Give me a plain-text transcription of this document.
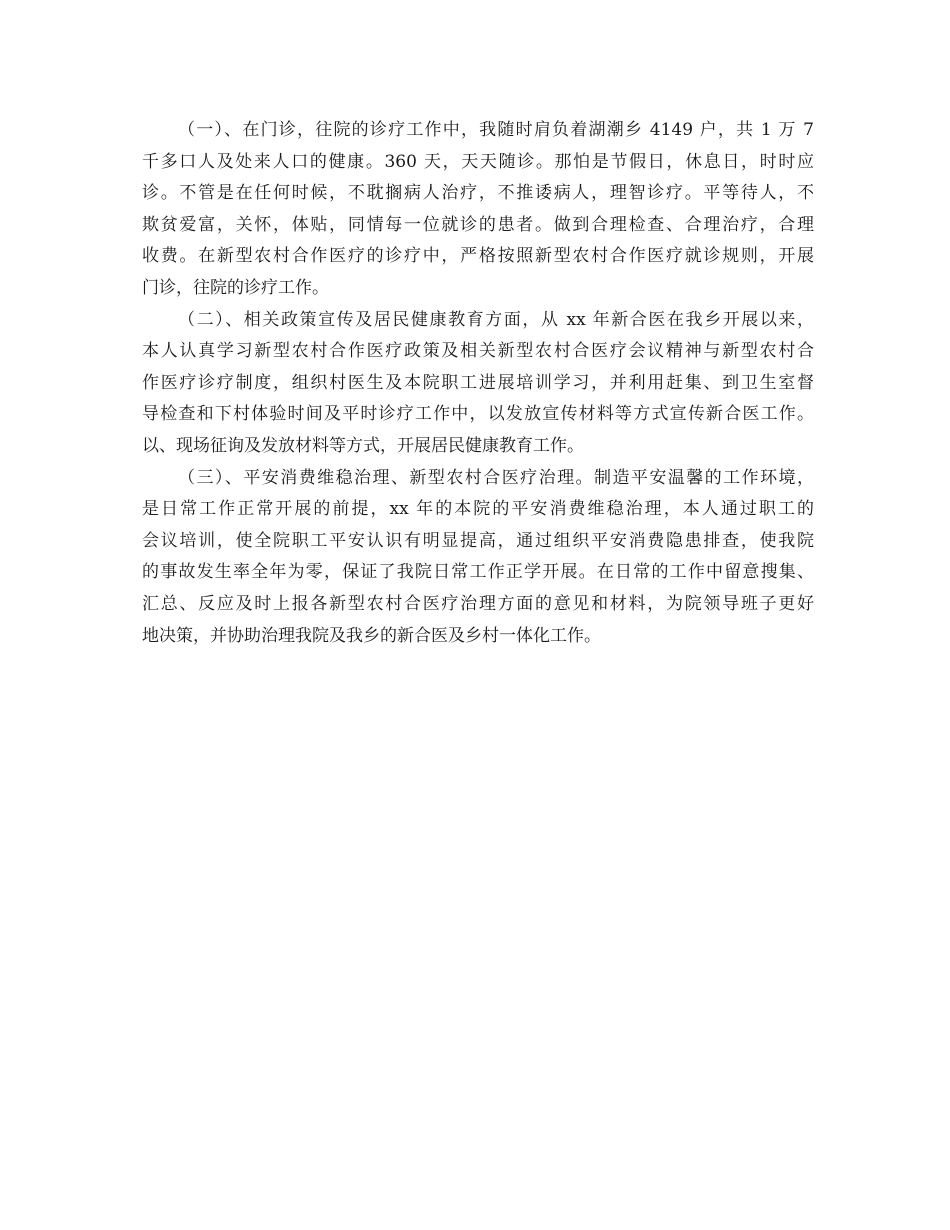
（一）、在门诊，往院的诊疗工作中，我随时肩负着湖潮乡 4149 户，共 1 万 7
千多口人及处来人口的健康。360 天，天天随诊。那怕是节假日，休息日，时时应
诊。不管是在任何时候，不耽搁病人治疗，不推诿病人，理智诊疗。平等待人，不
欺贫爱富，关怀，体贴，同情每一位就诊的患者。做到合理检查、合理治疗，合理
收费。在新型农村合作医疗的诊疗中，严格按照新型农村合作医疗就诊规则，开展
门诊，往院的诊疗工作。
（二）、相关政策宣传及居民健康教育方面，从 xx 年新合医在我乡开展以来，
本人认真学习新型农村合作医疗政策及相关新型农村合医疗会议精神与新型农村合
作医疗诊疗制度，组织村医生及本院职工进展培训学习，并利用赶集、到卫生室督
导检查和下村体验时间及平时诊疗工作中，以发放宣传材料等方式宣传新合医工作。
以、现场征询及发放材料等方式，开展居民健康教育工作。
（三）、平安消费维稳治理、新型农村合医疗治理。制造平安温馨的工作环境，
是日常工作正常开展的前提，xx 年的本院的平安消费维稳治理，本人通过职工的
会议培训，使全院职工平安认识有明显提高，通过组织平安消费隐患排查，使我院
的事故发生率全年为零，保证了我院日常工作正学开展。在日常的工作中留意搜集、
汇总、反应及时上报各新型农村合医疗治理方面的意见和材料，为院领导班子更好
地决策，并协助治理我院及我乡的新合医及乡村一体化工作。
